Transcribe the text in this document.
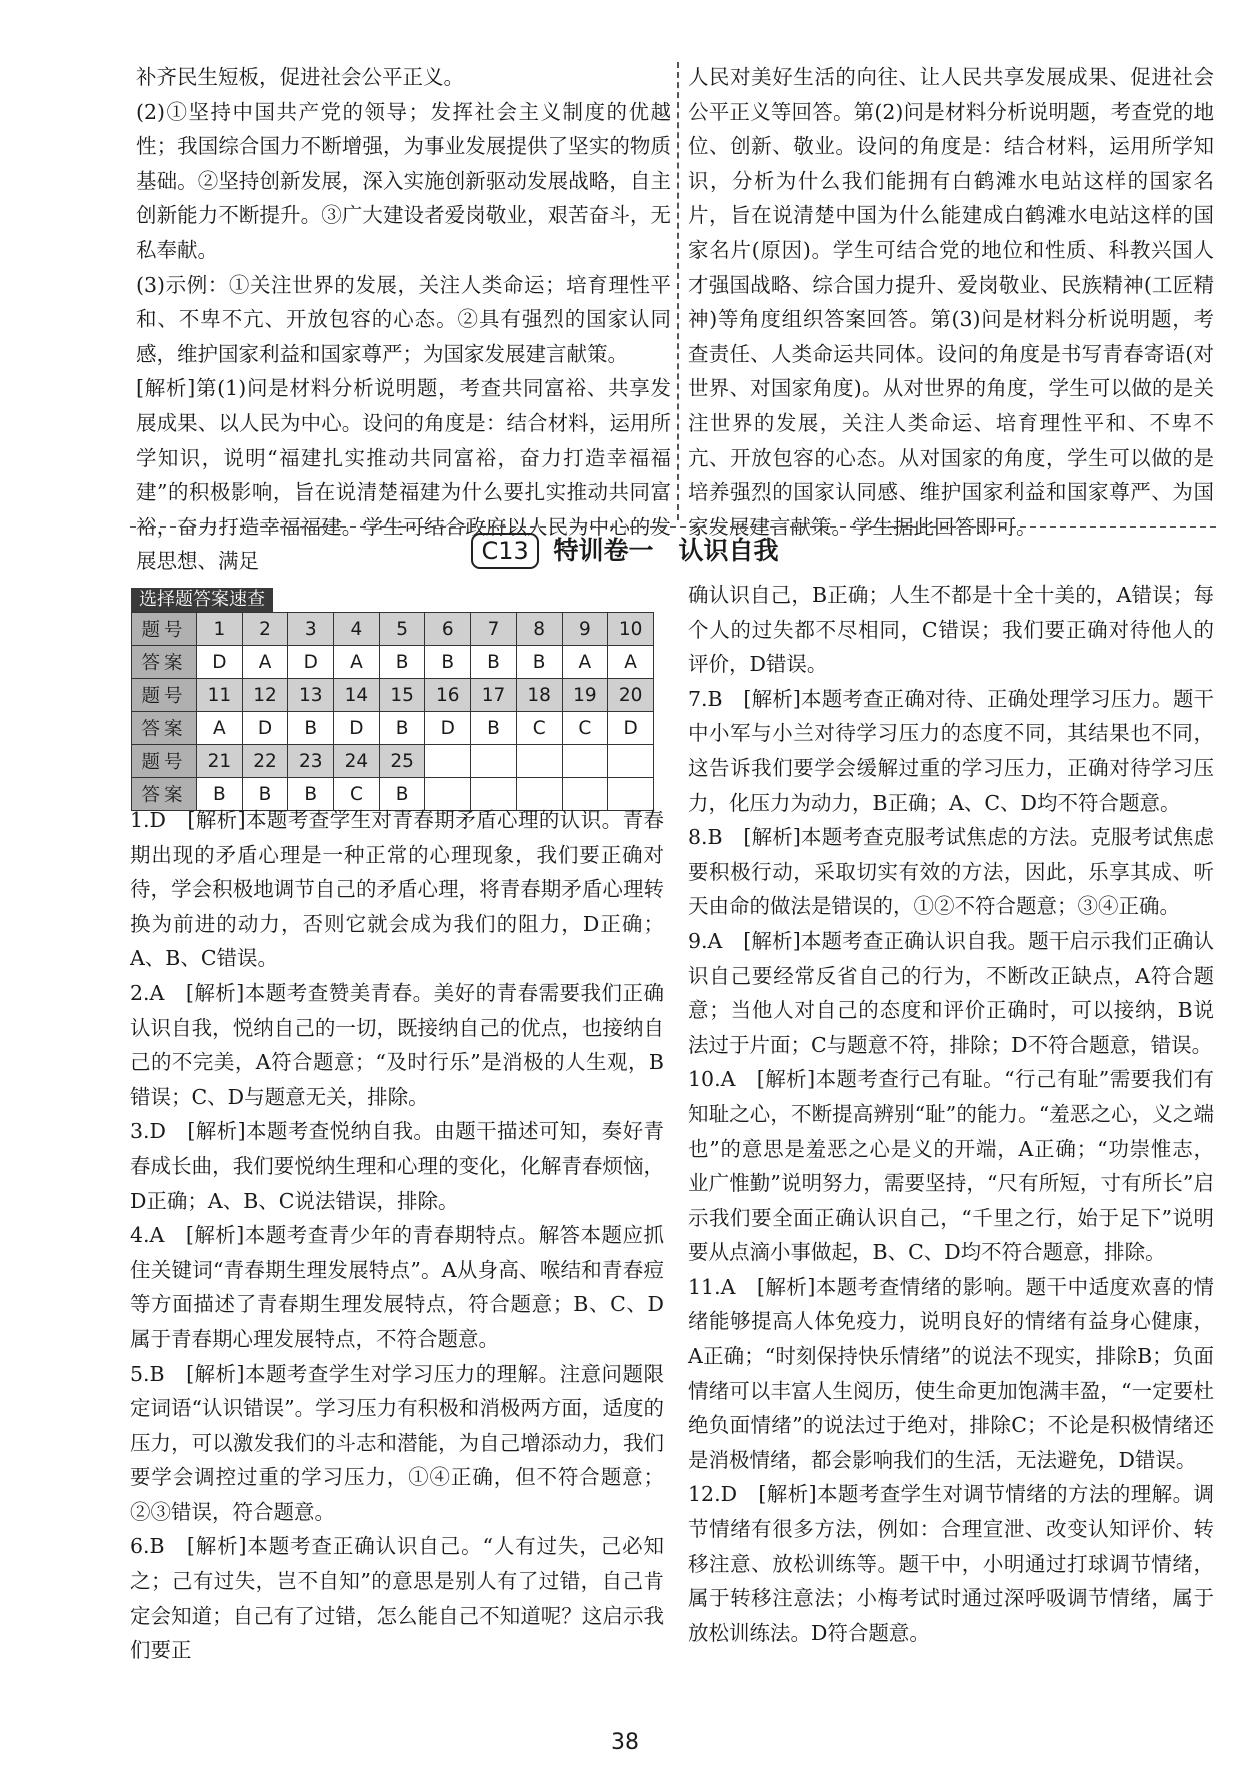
补齐民生短板，促进社会公平正义。

(2)①坚持中国共产党的领导；发挥社会主义制度的优越性；我国综合国力不断增强，为事业发展提供了坚实的物质基础。②坚持创新发展，深入实施创新驱动发展战略，自主创新能力不断提升。③广大建设者爱岗敬业，艰苦奋斗，无私奉献。

(3)示例：①关注世界的发展，关注人类命运；培育理性平和、不卑不亢、开放包容的心态。②具有强烈的国家认同感，维护国家利益和国家尊严；为国家发展建言献策。

[解析]第(1)问是材料分析说明题，考查共同富裕、共享发展成果、以人民为中心。设问的角度是：结合材料，运用所学知识，说明“福建扎实推动共同富裕，奋力打造幸福福建”的积极影响，旨在说清楚福建为什么要扎实推动共同富裕，奋力打造幸福福建。学生可结合政府以人民为中心的发展思想、满足

人民对美好生活的向往、让人民共享发展成果、促进社会公平正义等回答。第(2)问是材料分析说明题，考查党的地位、创新、敬业。设问的角度是：结合材料，运用所学知识，分析为什么我们能拥有白鹤滩水电站这样的国家名片，旨在说清楚中国为什么能建成白鹤滩水电站这样的国家名片(原因)。学生可结合党的地位和性质、科教兴国人才强国战略、综合国力提升、爱岗敬业、民族精神(工匠精神)等角度组织答案回答。第(3)问是材料分析说明题，考查责任、人类命运共同体。设问的角度是书写青春寄语(对世界、对国家角度)。从对世界的角度，学生可以做的是关注世界的发展，关注人类命运、培育理性平和、不卑不亢、开放包容的心态。从对国家的角度，学生可以做的是培养强烈的国家认同感、维护国家利益和国家尊严、为国家发展建言献策。学生据此回答即可。

C13 特训卷一　认识自我
选择题答案速查
题号	1	2	3	4	5	6	7	8	9	10
答案	D	A	D	A	B	B	B	B	A	A
题号	11	12	13	14	15	16	17	18	19	20
答案	A	D	B	D	B	D	B	C	C	D
题号	21	22	23	24	25					
答案	B	B	B	C	B					

1.D　[解析]本题考查学生对青春期矛盾心理的认识。青春期出现的矛盾心理是一种正常的心理现象，我们要正确对待，学会积极地调节自己的矛盾心理，将青春期矛盾心理转换为前进的动力，否则它就会成为我们的阻力，D正确；A、B、C错误。

2.A　[解析]本题考查赞美青春。美好的青春需要我们正确认识自我，悦纳自己的一切，既接纳自己的优点，也接纳自己的不完美，A符合题意；“及时行乐”是消极的人生观，B错误；C、D与题意无关，排除。

3.D　[解析]本题考查悦纳自我。由题干描述可知，奏好青春成长曲，我们要悦纳生理和心理的变化，化解青春烦恼，D正确；A、B、C说法错误，排除。

4.A　[解析]本题考查青少年的青春期特点。解答本题应抓住关键词“青春期生理发展特点”。A从身高、喉结和青春痘等方面描述了青春期生理发展特点，符合题意；B、C、D属于青春期心理发展特点，不符合题意。

5.B　[解析]本题考查学生对学习压力的理解。注意问题限定词语“认识错误”。学习压力有积极和消极两方面，适度的压力，可以激发我们的斗志和潜能，为自己增添动力，我们要学会调控过重的学习压力，①④正确，但不符合题意；②③错误，符合题意。

6.B　[解析]本题考查正确认识自己。“人有过失，己必知之；己有过失，岂不自知”的意思是别人有了过错，自己肯定会知道；自己有了过错，怎么能自己不知道呢？这启示我们要正

确认识自己，B正确；人生不都是十全十美的，A错误；每个人的过失都不尽相同，C错误；我们要正确对待他人的评价，D错误。

7.B　[解析]本题考查正确对待、正确处理学习压力。题干中小军与小兰对待学习压力的态度不同，其结果也不同，这告诉我们要学会缓解过重的学习压力，正确对待学习压力，化压力为动力，B正确；A、C、D均不符合题意。

8.B　[解析]本题考查克服考试焦虑的方法。克服考试焦虑要积极行动，采取切实有效的方法，因此，乐享其成、听天由命的做法是错误的，①②不符合题意；③④正确。

9.A　[解析]本题考查正确认识自我。题干启示我们正确认识自己要经常反省自己的行为，不断改正缺点，A符合题意；当他人对自己的态度和评价正确时，可以接纳，B说法过于片面；C与题意不符，排除；D不符合题意，错误。

10.A　[解析]本题考查行己有耻。“行己有耻”需要我们有知耻之心，不断提高辨别“耻”的能力。“羞恶之心，义之端也”的意思是羞恶之心是义的开端，A正确；“功崇惟志，业广惟勤”说明努力，需要坚持，“尺有所短，寸有所长”启示我们要全面正确认识自己，“千里之行，始于足下”说明要从点滴小事做起，B、C、D均不符合题意，排除。

11.A　[解析]本题考查情绪的影响。题干中适度欢喜的情绪能够提高人体免疫力，说明良好的情绪有益身心健康，A正确；“时刻保持快乐情绪”的说法不现实，排除B；负面情绪可以丰富人生阅历，使生命更加饱满丰盈，“一定要杜绝负面情绪”的说法过于绝对，排除C；不论是积极情绪还是消极情绪，都会影响我们的生活，无法避免，D错误。

12.D　[解析]本题考查学生对调节情绪的方法的理解。调节情绪有很多方法，例如：合理宣泄、改变认知评价、转移注意、放松训练等。题干中，小明通过打球调节情绪，属于转移注意法；小梅考试时通过深呼吸调节情绪，属于放松训练法。D符合题意。

38
